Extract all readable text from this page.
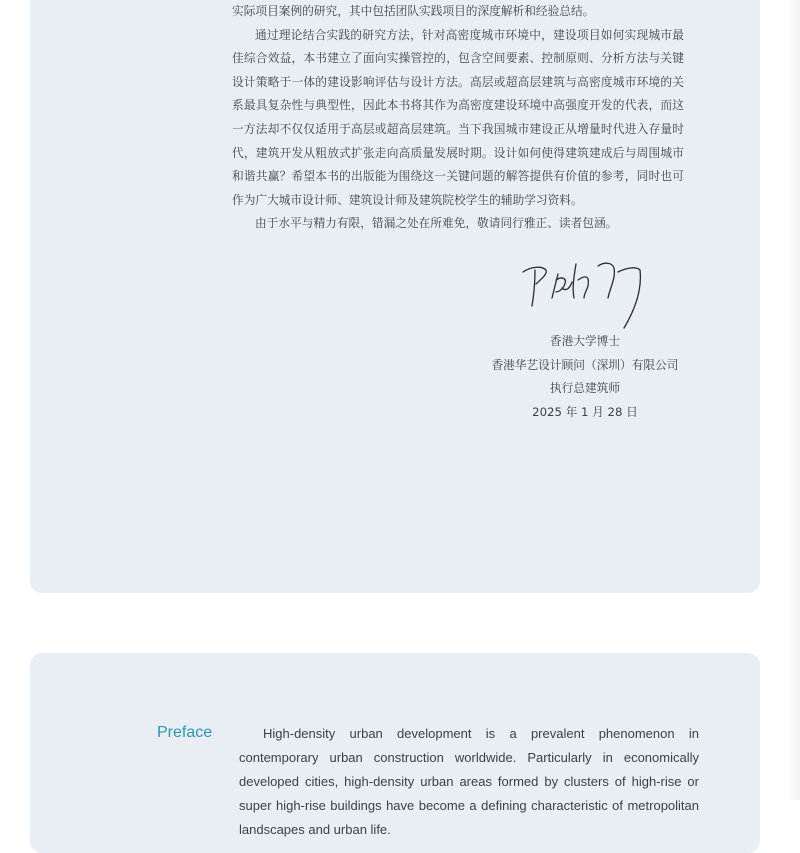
实际项目案例的研究，其中包括团队实践项目的深度解析和经验总结。

通过理论结合实践的研究方法，针对高密度城市环境中，建设项目如何实现城市最佳综合效益，本书建立了面向实操管控的，包含空间要素、控制原则、分析方法与关键设计策略于一体的建设影响评估与设计方法。高层或超高层建筑与高密度城市环境的关系最具复杂性与典型性，因此本书将其作为高密度建设环境中高强度开发的代表，而这一方法却不仅仅适用于高层或超高层建筑。当下我国城市建设正从增量时代进入存量时代，建筑开发从粗放式扩张走向高质量发展时期。设计如何使得建筑建成后与周围城市和谐共赢？希望本书的出版能为围绕这一关键问题的解答提供有价值的参考，同时也可作为广大城市设计师、建筑设计师及建筑院校学生的辅助学习资料。

由于水平与精力有限，错漏之处在所难免，敬请同行雅正、读者包涵。

香港大学博士
香港华艺设计顾问（深圳）有限公司
执行总建筑师
2025 年 1 月 28 日
Preface	High-density urban development is a prevalent phenomenon in contemporary urban construction worldwide. Particularly in economically developed cities, high-density urban areas formed by clusters of high-rise or super high-rise buildings have become a defining characteristic of metropolitan landscapes and urban life.
